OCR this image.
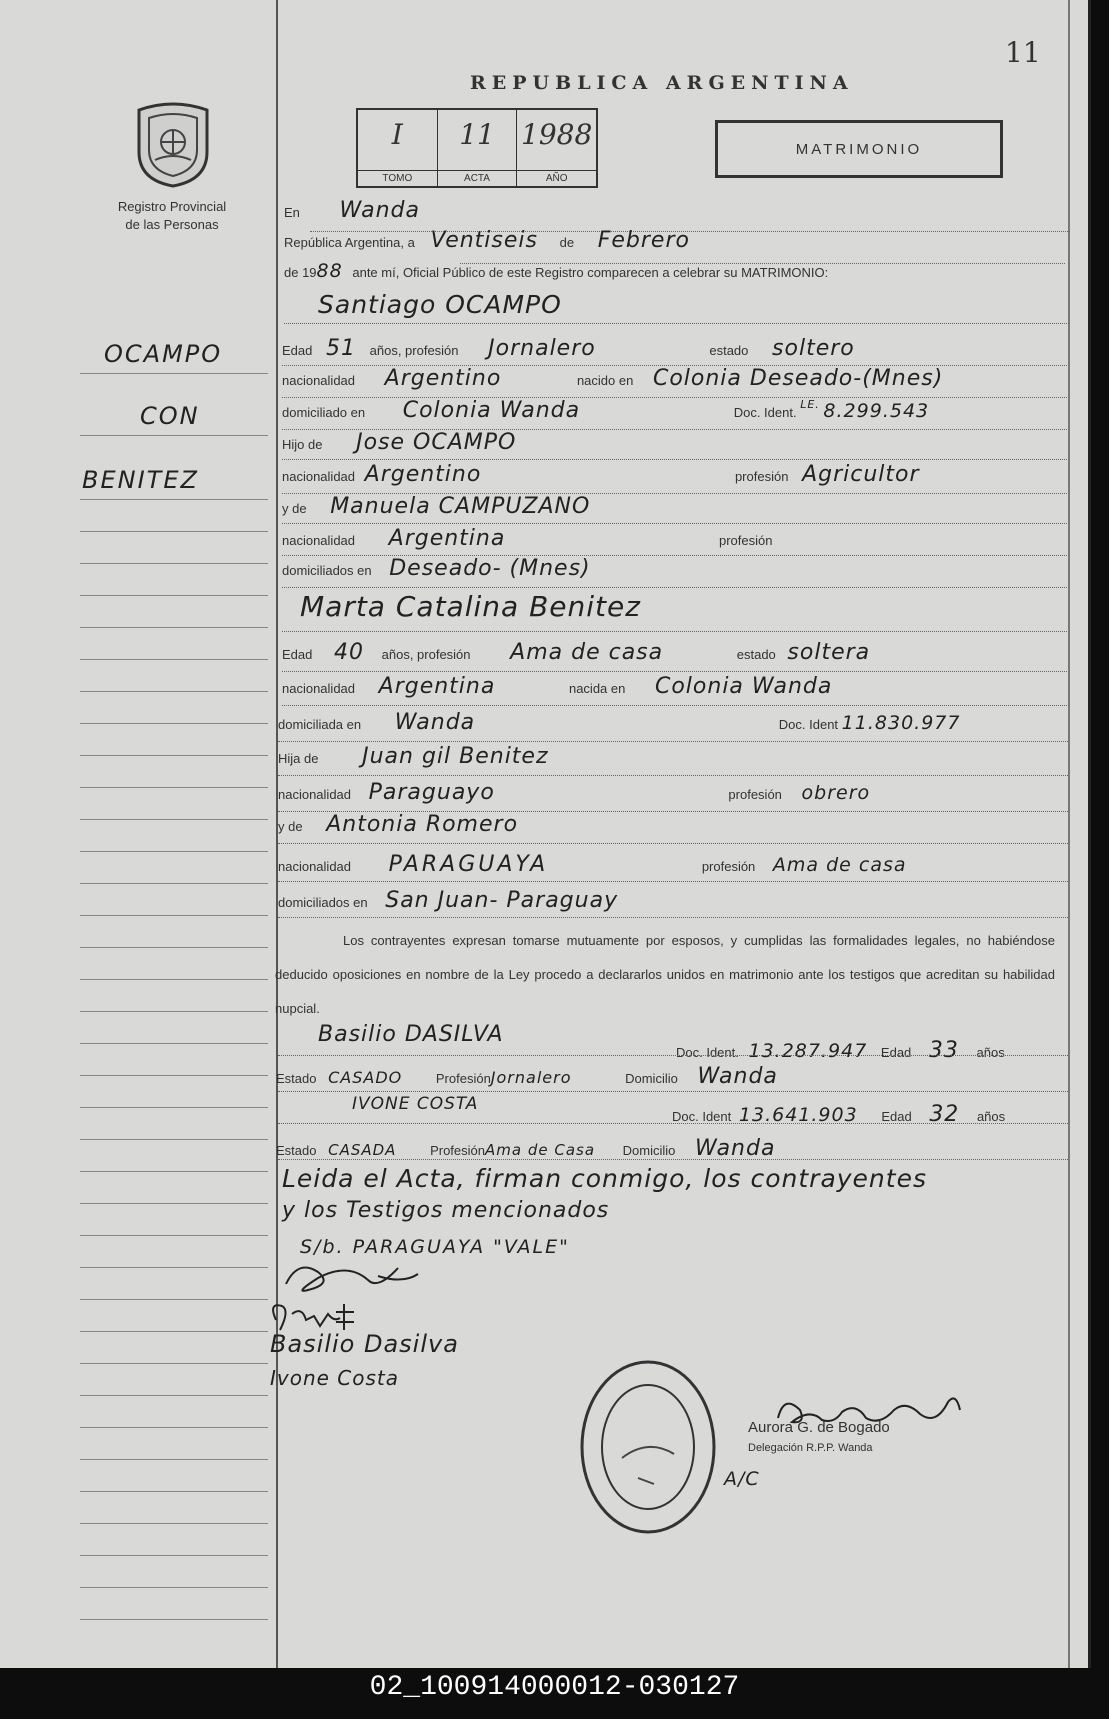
11
REPUBLICA ARGENTINA
Registro Provincial
de las Personas
I
TOMO
11
ACTA
1988
AÑO
MATRIMONIO
OCAMPO
CON
BENITEZ
En Wanda
República Argentina, a Ventiseis de Febrero
de 1988 ante mí, Oficial Público de este Registro comparecen a celebrar su MATRIMONIO:
Santiago OCAMPO
Edad 51 años, profesión Jornalero	estado soltero
nacionalidad Argentino	nacido en Colonia Deseado-(Mnes)
domiciliado en Colonia Wanda	Doc. Ident. $^{LE.}$ 8.299.543
Hijo de Jose OCAMPO
nacionalidad Argentino	profesión Agricultor
y de Manuela CAMPUZANO
nacionalidad Argentina	profesión
domiciliados en Deseado- (Mnes)
Marta Catalina Benitez
Edad 40 años, profesión Ama de casa	estado soltera
nacionalidad Argentina	nacida en Colonia Wanda
domiciliada en Wanda	Doc. Ident 11.830.977
Hija de Juan gil Benitez
nacionalidad Paraguayo	profesión obrero
y de Antonia Romero
nacionalidad PARAGUAYA	profesión Ama de casa
domiciliados en San Juan- Paraguay
Los contrayentes expresan tomarse mutuamente por esposos, y cumplidas las formalidades legales, no habiéndose deducido oposiciones en nombre de la Ley procedo a declararlos unidos en matrimonio ante los testigos que acreditan su habilidad nupcial.
Basilio DASILVA
Doc. Ident. 13.287.947 Edad 33 años
Estado CASADO	ProfesiónJornalero	Domicilio Wanda
IVONE COSTA
Doc. Ident 13.641.903 Edad 32 años
Estado CASADA	ProfesiónAma de Casa Domicilio Wanda
Leida el Acta, firman conmigo, los contrayentes
y los Testigos mencionados
S/b. PARAGUAYA "VALE"
Basilio Dasilva
Ivone Costa
Aurora G. de Bogado
Delegación R.P.P. Wanda
A/C
02_100914000012-030127
